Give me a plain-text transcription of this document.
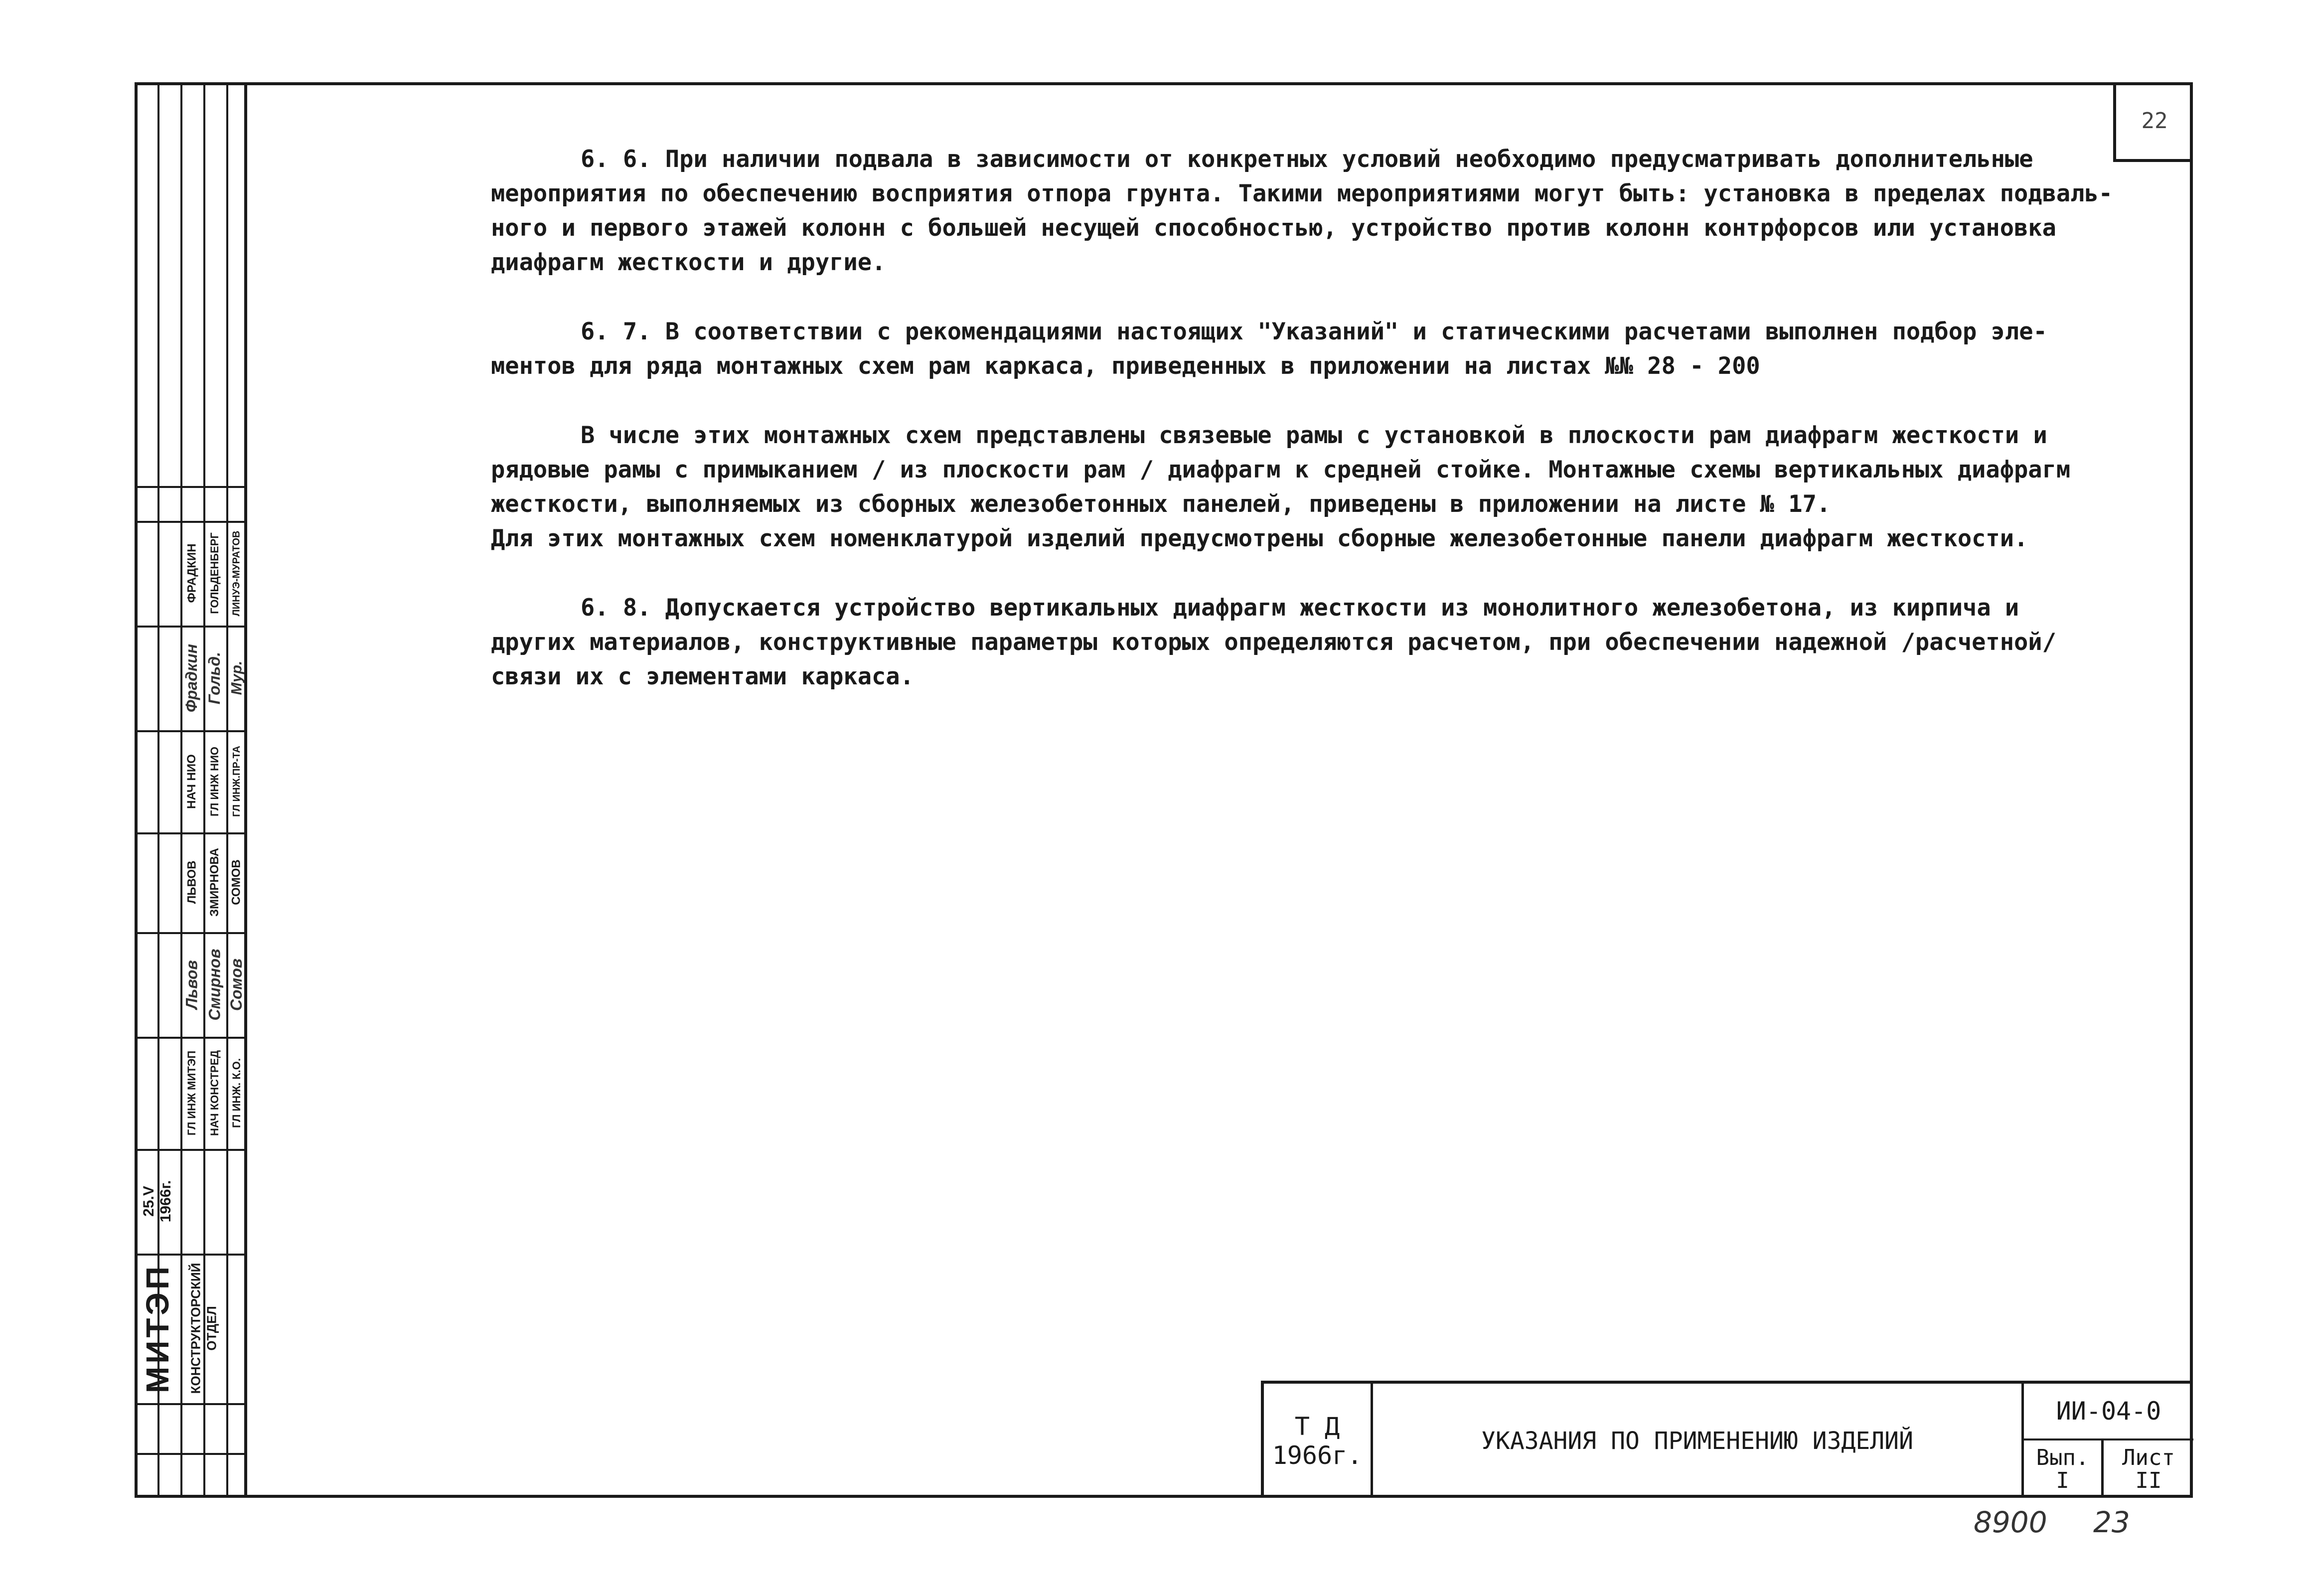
МИТЭП КОНСТРУКТОРСКИЙ ОТДЕЛ
25.V 1966г.
ГЛ ИНЖ МИТЭП
Львов
ЛЬВОВ
НАЧ КОНСТРЕД
Смирнов
ЗМИРНОВА
ГЛ ИНЖ. К.О.
Сомов
СОМОВ
НАЧ НИО
Фрадкин
ФРАДКИН
ГЛ ИНЖ НИО
Гольд.
ГОЛЬДЕНБЕРГ
ГЛ ИНЖ.ПР-ТА
Мур.
ЛИНУЭ-МУРАТОВ
22
6. 6. При наличии подвала в зависимости от конкретных условий необходимо предусматривать дополнительные
мероприятия по обеспечению восприятия отпора грунта. Такими мероприятиями могут быть: установка в пределах подваль-
ного и первого этажей колонн с большей несущей способностью, устройство против колонн контрфорсов или установка
диафрагм жесткости и другие.
6. 7. В соответствии с рекомендациями настоящих "Указаний" и статическими расчетами выполнен подбор эле-
ментов для ряда монтажных схем рам каркаса, приведенных в приложении на листах №№ 28 - 200
В числе этих монтажных схем представлены связевые рамы с установкой в плоскости рам диафрагм жесткости и
рядовые рамы с примыканием / из плоскости рам / диафрагм к средней стойке. Монтажные схемы вертикальных диафрагм
жесткости, выполняемых из сборных железобетонных панелей, приведены в приложении на листе № 17.
Для этих монтажных схем номенклатурой изделий предусмотрены сборные железобетонные панели диафрагм жесткости.
6. 8. Допускается устройство вертикальных диафрагм жесткости из монолитного железобетона, из кирпича и
других материалов, конструктивные параметры которых определяются расчетом, при обеспечении надежной /расчетной/
связи их с элементами каркаса.
Т Д
1966г.	УКАЗАНИЯ ПО ПРИМЕНЕНИЮ ИЗДЕЛИЙ
ИИ-04-0
Вып.
I
Лист
II
8900 23
